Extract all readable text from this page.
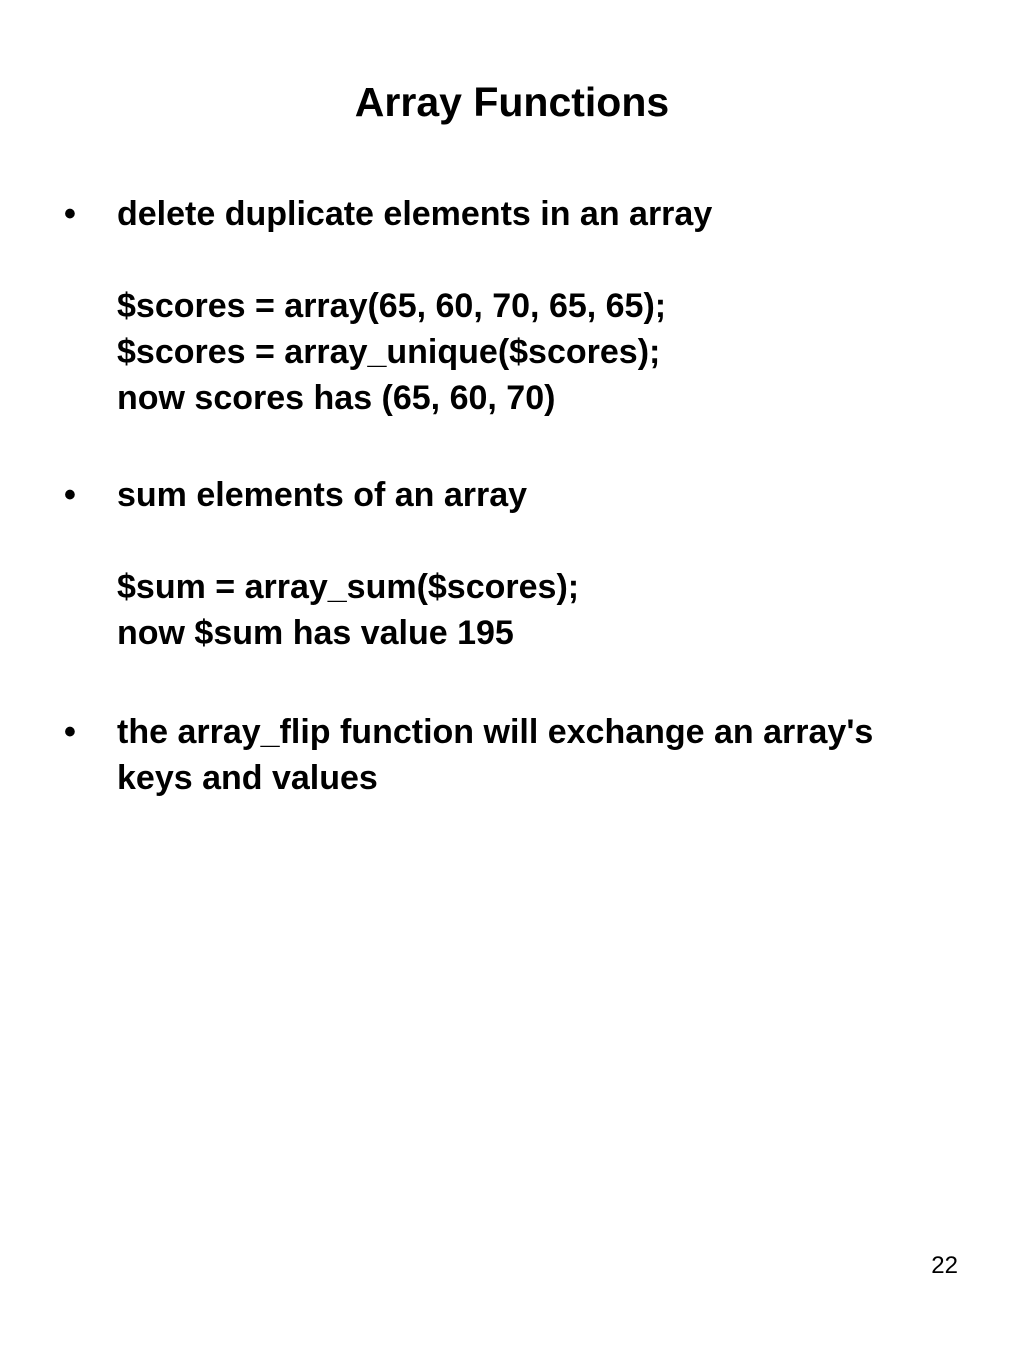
Array Functions
• delete duplicate elements in an array
$scores = array(65, 60, 70, 65, 65);
$scores = array_unique($scores);
now scores has (65, 60, 70)
• sum elements of an array
$sum = array_sum($scores);
now $sum has value 195
• the array_flip function will exchange an array's
keys and values
22
